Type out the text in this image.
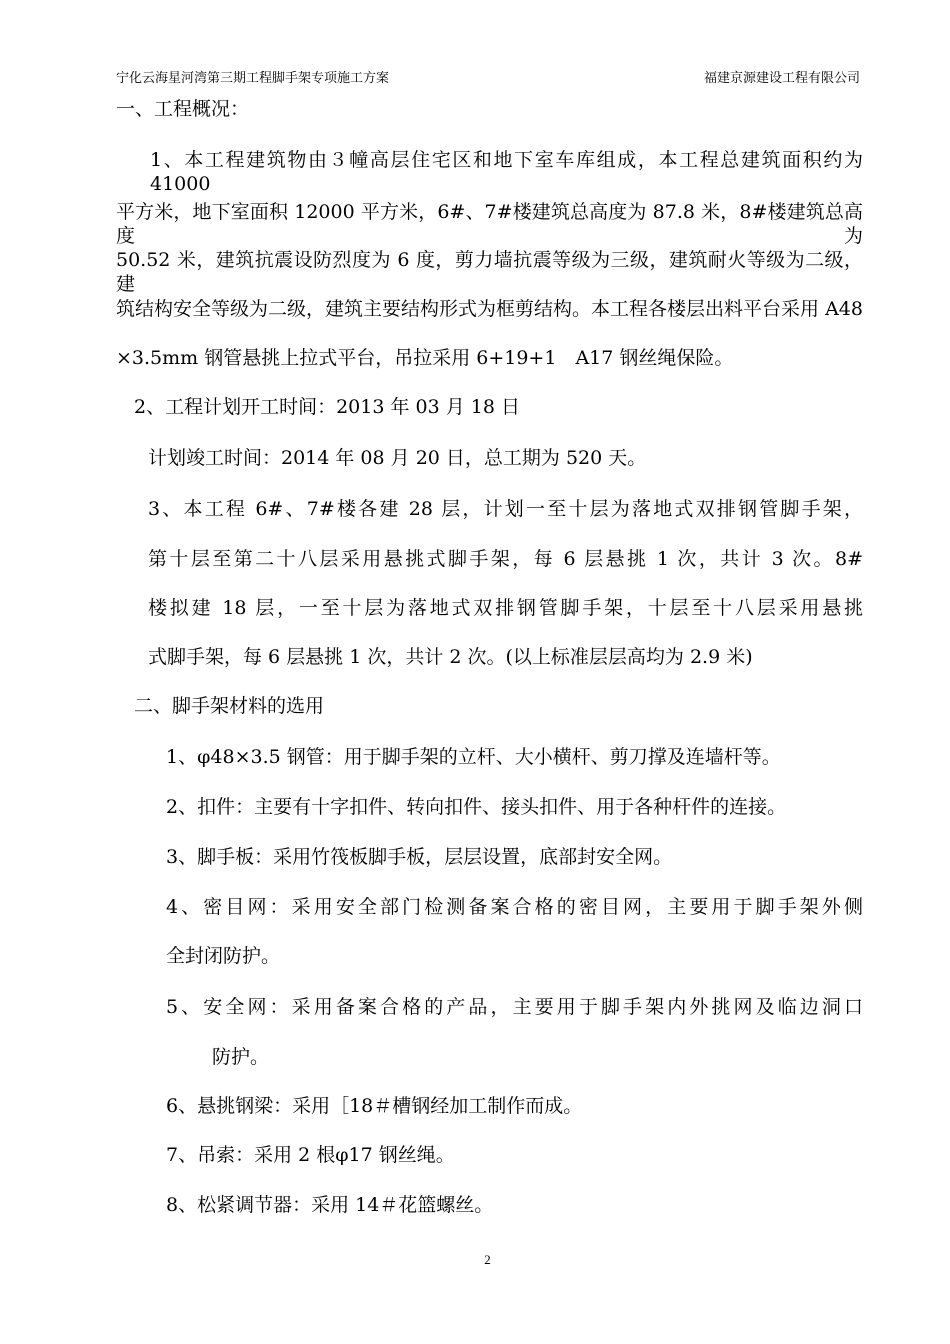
宁化云海星河湾第三期工程脚手架专项施工方案	福建京源建设工程有限公司
一、工程概况：
1、本工程建筑物由３幢高层住宅区和地下室车库组成，本工程总建筑面积约为41000
平方米，地下室面积 12000 平方米，6#、7#楼建筑总高度为 87.8 米，8#楼建筑总高度为
50.52 米，建筑抗震设防烈度为 6 度，剪力墙抗震等级为三级，建筑耐火等级为二级，建
筑结构安全等级为二级，建筑主要结构形式为框剪结构。本工程各楼层出料平台采用 A48
×3.5mm 钢管悬挑上拉式平台，吊拉采用 6+19+1　A17 钢丝绳保险。
2、工程计划开工时间：2013 年 03 月 18 日
计划竣工时间：2014 年 08 月 20 日，总工期为 520 天。
3、本工程 6#、7#楼各建 28 层，计划一至十层为落地式双排钢管脚手架，
第十层至第二十八层采用悬挑式脚手架，每 6 层悬挑 1 次，共计 3 次。8#
楼拟建 18 层，一至十层为落地式双排钢管脚手架，十层至十八层采用悬挑
式脚手架，每 6 层悬挑 1 次，共计 2 次。(以上标准层层高均为 2.9 米)
二、脚手架材料的选用
1、φ48×3.5 钢管：用于脚手架的立杆、大小横杆、剪刀撑及连墙杆等。
2、扣件：主要有十字扣件、转向扣件、接头扣件、用于各种杆件的连接。
3、脚手板：采用竹筏板脚手板，层层设置，底部封安全网。
4、密目网：采用安全部门检测备案合格的密目网，主要用于脚手架外侧
全封闭防护。
5、安全网：采用备案合格的产品，主要用于脚手架内外挑网及临边洞口
防护。
6、悬挑钢梁：采用［18＃槽钢经加工制作而成。
7、吊索：采用 2 根φ17 钢丝绳。
8、松紧调节器：采用 14＃花篮螺丝。
2
